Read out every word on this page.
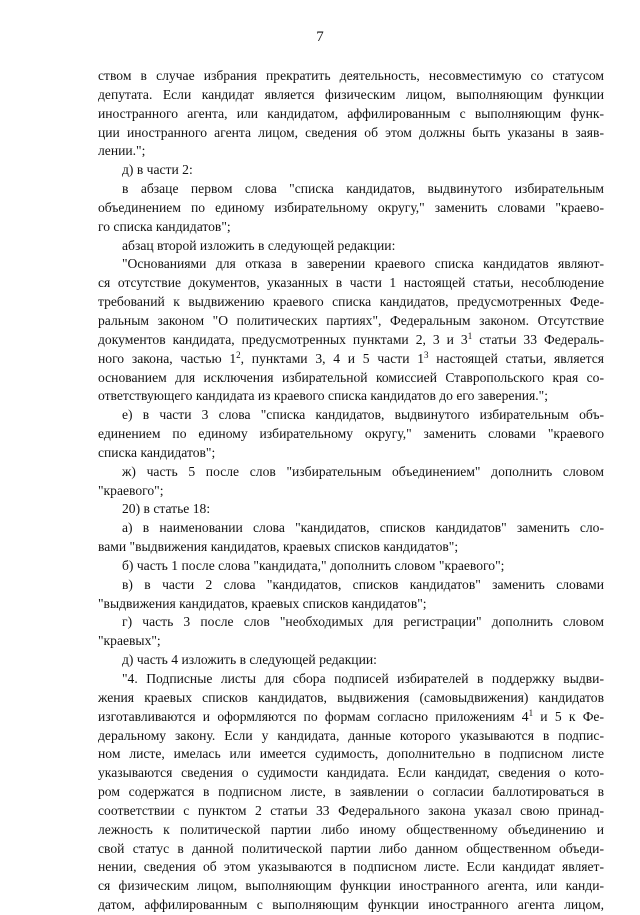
7
ством в случае избрания прекратить деятельность, несовместимую со статусом
депутата. Если кандидат является физическим лицом, выполняющим функции
иностранного агента, или кандидатом, аффилированным с выполняющим функ-
ции иностранного агента лицом, сведения об этом должны быть указаны в заяв-
лении.";
д) в части 2:
в абзаце первом слова "списка кандидатов, выдвинутого избирательным
объединением по единому избирательному округу," заменить словами "краево-
го списка кандидатов";
абзац второй изложить в следующей редакции:
"Основаниями для отказа в заверении краевого списка кандидатов являют-
ся отсутствие документов, указанных в части 1 настоящей статьи, несоблюдение
требований к выдвижению краевого списка кандидатов, предусмотренных Феде-
ральным законом "О политических партиях", Федеральным законом. Отсутствие
документов кандидата, предусмотренных пунктами 2, 3 и $3^1$ статьи 33 Федераль-
ного закона, частью $1^2$, пунктами 3, 4 и 5 части $1^3$ настоящей статьи, является
основанием для исключения избирательной комиссией Ставропольского края со-
ответствующего кандидата из краевого списка кандидатов до его заверения.";
е) в части 3 слова "списка кандидатов, выдвинутого избирательным объ-
единением по единому избирательному округу," заменить словами "краевого
списка кандидатов";
ж) часть 5 после слов "избирательным объединением" дополнить словом
"краевого";
20) в статье 18:
а) в наименовании слова "кандидатов, списков кандидатов" заменить сло-
вами "выдвижения кандидатов, краевых списков кандидатов";
б) часть 1 после слова "кандидата," дополнить словом "краевого";
в) в части 2 слова "кандидатов, списков кандидатов" заменить словами
"выдвижения кандидатов, краевых списков кандидатов";
г) часть 3 после слов "необходимых для регистрации" дополнить словом
"краевых";
д) часть 4 изложить в следующей редакции:
"4. Подписные листы для сбора подписей избирателей в поддержку выдви-
жения краевых списков кандидатов, выдвижения (самовыдвижения) кандидатов
изготавливаются и оформляются по формам согласно приложениям $4^1$ и 5 к Фе-
деральному закону. Если у кандидата, данные которого указываются в подпис-
ном листе, имелась или имеется судимость, дополнительно в подписном листе
указываются сведения о судимости кандидата. Если кандидат, сведения о кото-
ром содержатся в подписном листе, в заявлении о согласии баллотироваться в
соответствии с пунктом 2 статьи 33 Федерального закона указал свою принад-
лежность к политической партии либо иному общественному объединению и
свой статус в данной политической партии либо данном общественном объеди-
нении, сведения об этом указываются в подписном листе. Если кандидат являет-
ся физическим лицом, выполняющим функции иностранного агента, или канди-
датом, аффилированным с выполняющим функции иностранного агента лицом,
